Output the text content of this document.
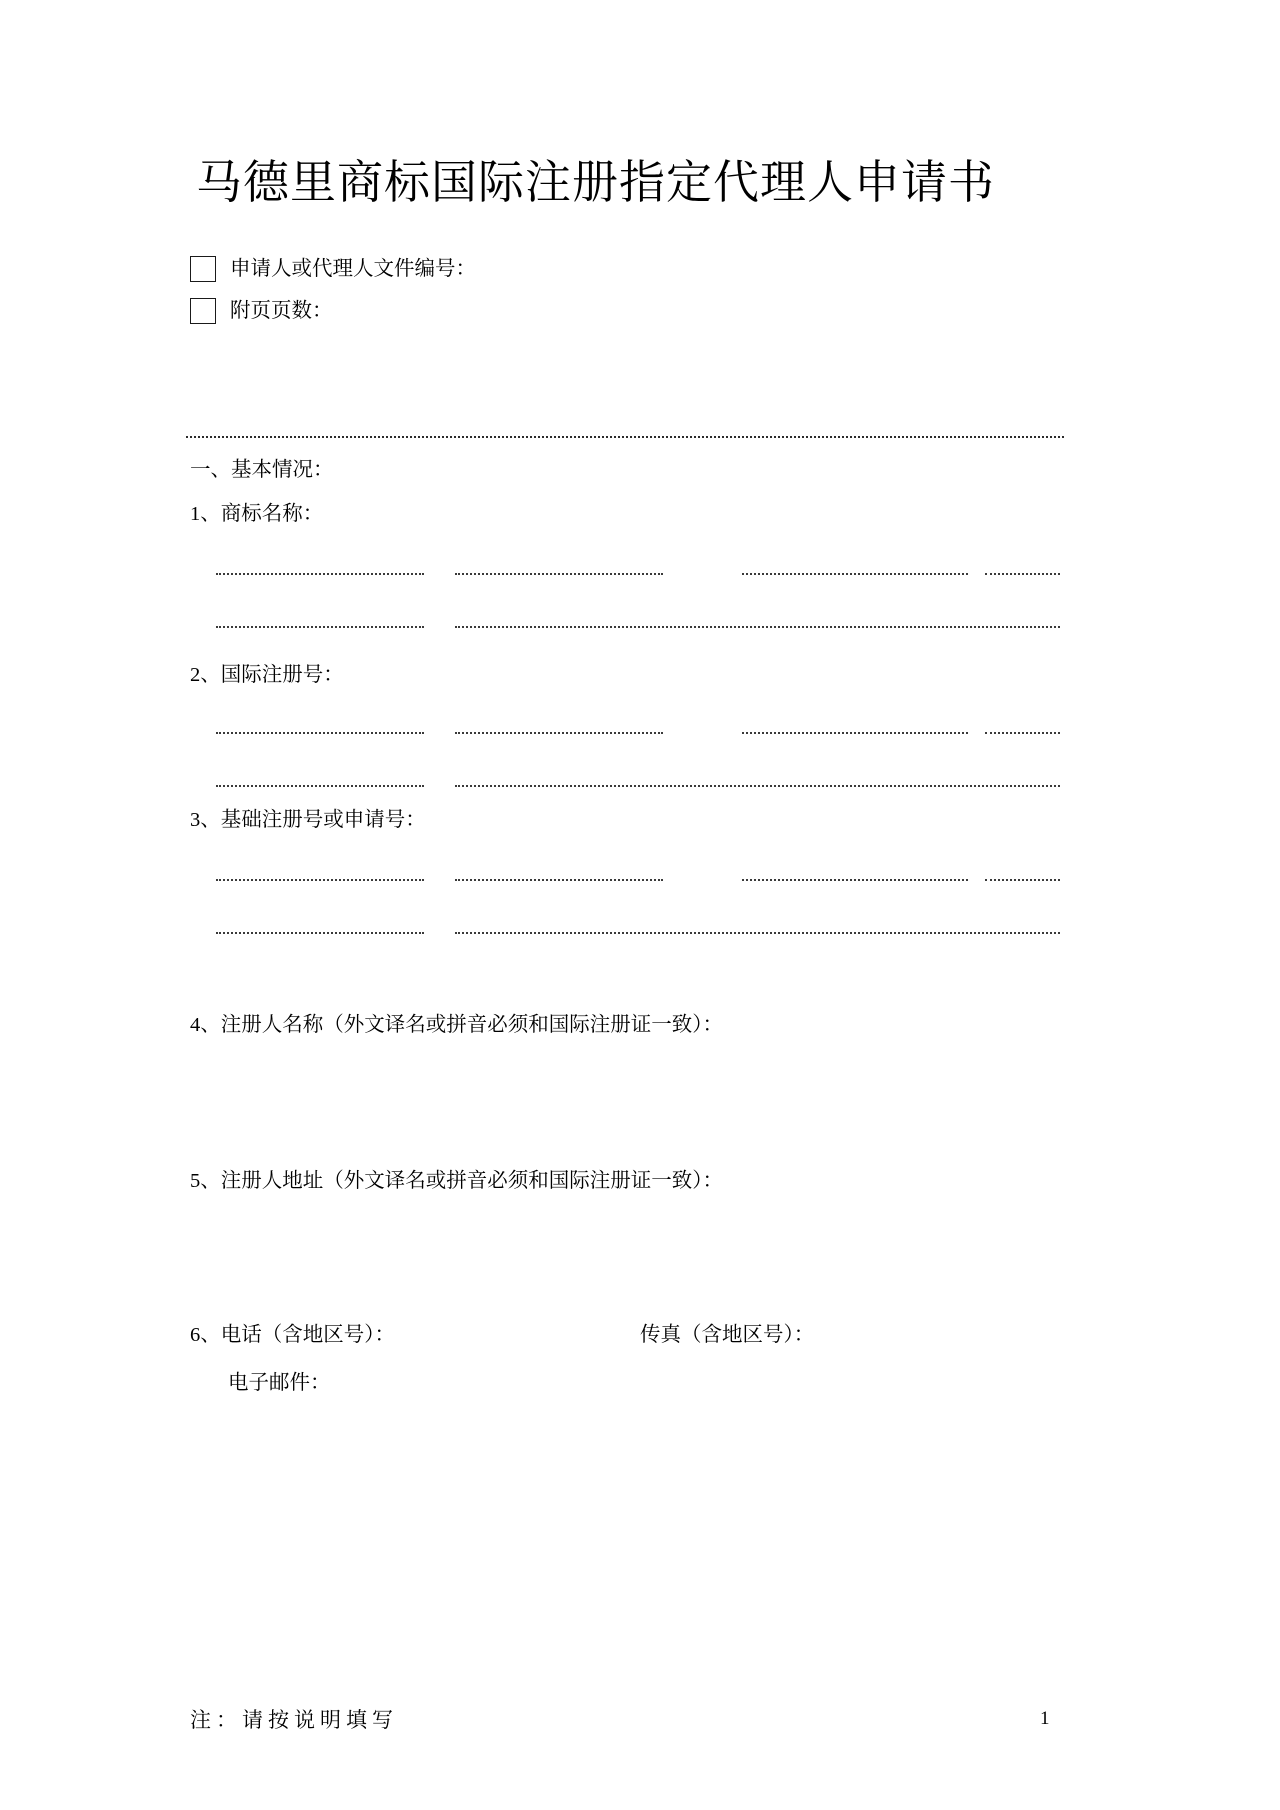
马德里商标国际注册指定代理人申请书
申请人或代理人文件编号：
附页页数：
一、基本情况：
1、商标名称：
2、国际注册号：
3、基础注册号或申请号：
4、注册人名称（外文译名或拼音必须和国际注册证一致）：
5、注册人地址（外文译名或拼音必须和国际注册证一致）：
6、电话（含地区号）：	传真（含地区号）：
电子邮件：
注：请按说明填写	1
